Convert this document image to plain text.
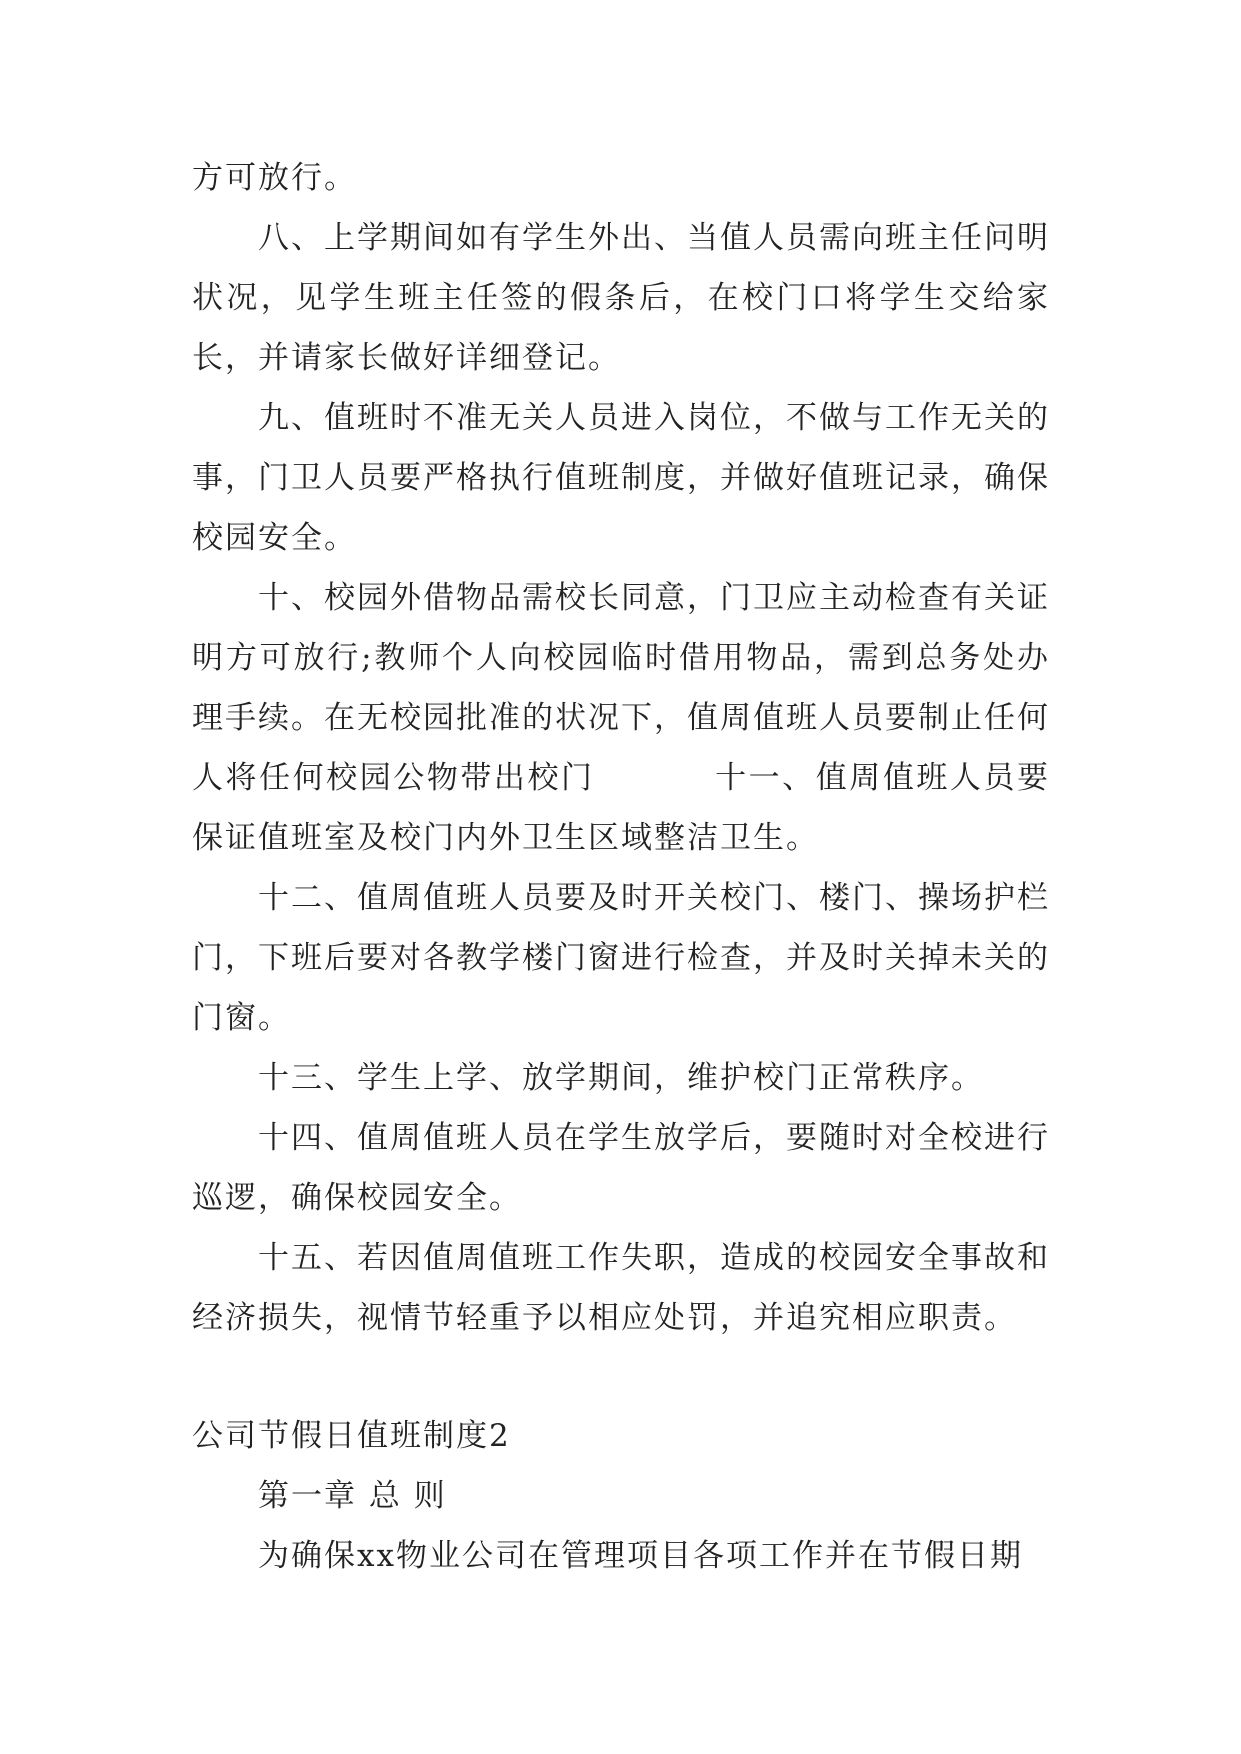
方可放行。

八、上学期间如有学生外出、当值人员需向班主任问明状况，见学生班主任签的假条后，在校门口将学生交给家长，并请家长做好详细登记。

九、值班时不准无关人员进入岗位，不做与工作无关的事，门卫人员要严格执行值班制度，并做好值班记录，确保校园安全。

十、校园外借物品需校长同意，门卫应主动检查有关证明方可放行;教师个人向校园临时借用物品，需到总务处办理手续。在无校园批准的状况下，值周值班人员要制止任何人将任何校园公物带出校门	十一、值周值班人员要保证值班室及校门内外卫生区域整洁卫生。

十二、值周值班人员要及时开关校门、楼门、操场护栏门，下班后要对各教学楼门窗进行检查，并及时关掉未关的门窗。

十三、学生上学、放学期间，维护校门正常秩序。

十四、值周值班人员在学生放学后，要随时对全校进行巡逻，确保校园安全。

十五、若因值周值班工作失职，造成的校园安全事故和经济损失，视情节轻重予以相应处罚，并追究相应职责。

公司节假日值班制度2

第一章 总 则

为确保xx物业公司在管理项目各项工作并在节假日期
